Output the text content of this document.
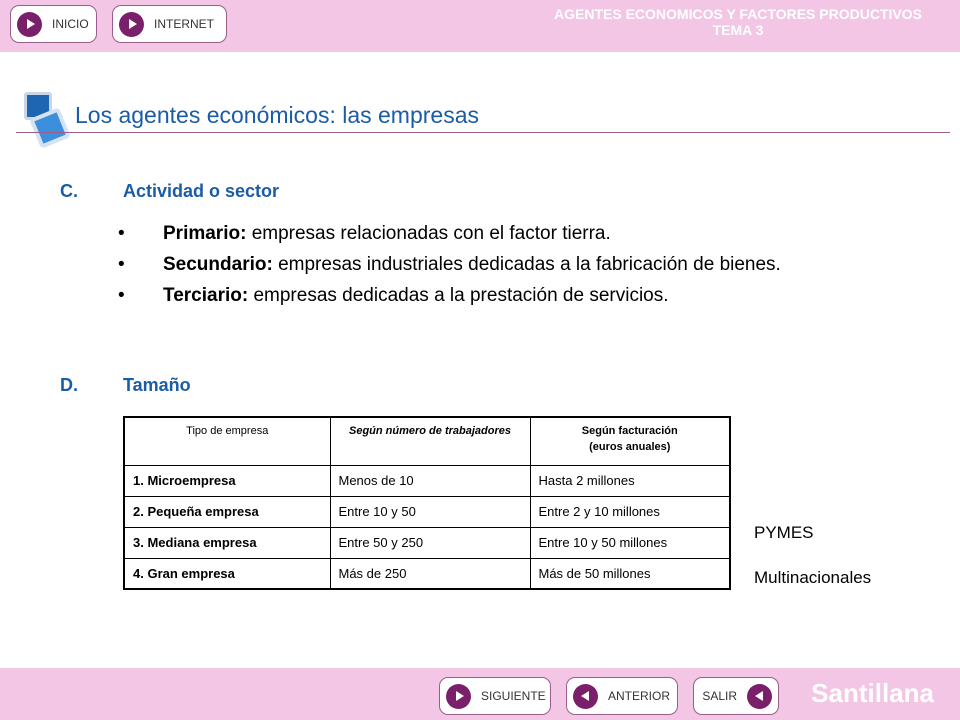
INICIO	INTERNET
AGENTES ECONOMICOS Y FACTORES PRODUCTIVOS
TEMA 3
Los agentes económicos: las empresas
C.	Actividad o sector
• Primario: empresas relacionadas con el factor tierra.
• Secundario: empresas industriales dedicadas a la fabricación de bienes.
• Terciario: empresas dedicadas a la prestación de servicios.
D.	Tamaño
Tipo de empresa	Según número de trabajadores	Según facturación
(euros anuales)

1. Microempresa	Menos de 10	Hasta 2 millones
2. Pequeña empresa	Entre 10 y 50	Entre 2 y 10 millones
3. Mediana empresa	Entre 50 y 250	Entre 10 y 50 millones
4. Gran empresa	Más de 250	Más de 50 millones
PYMES
Multinacionales
SIGUIENTE	ANTERIOR	SALIR	Santillana
